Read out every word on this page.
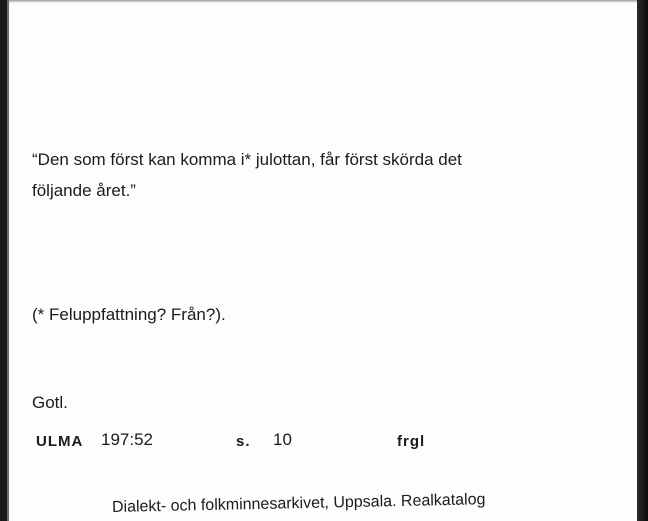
“Den som först kan komma i* julottan, får först skörda det
följande året.”
(* Feluppfattning? Från?).
Gotl.
ULMA 197:52	s. 10	frgl
Dialekt- och folkminnesarkivet, Uppsala. Realkatalog
